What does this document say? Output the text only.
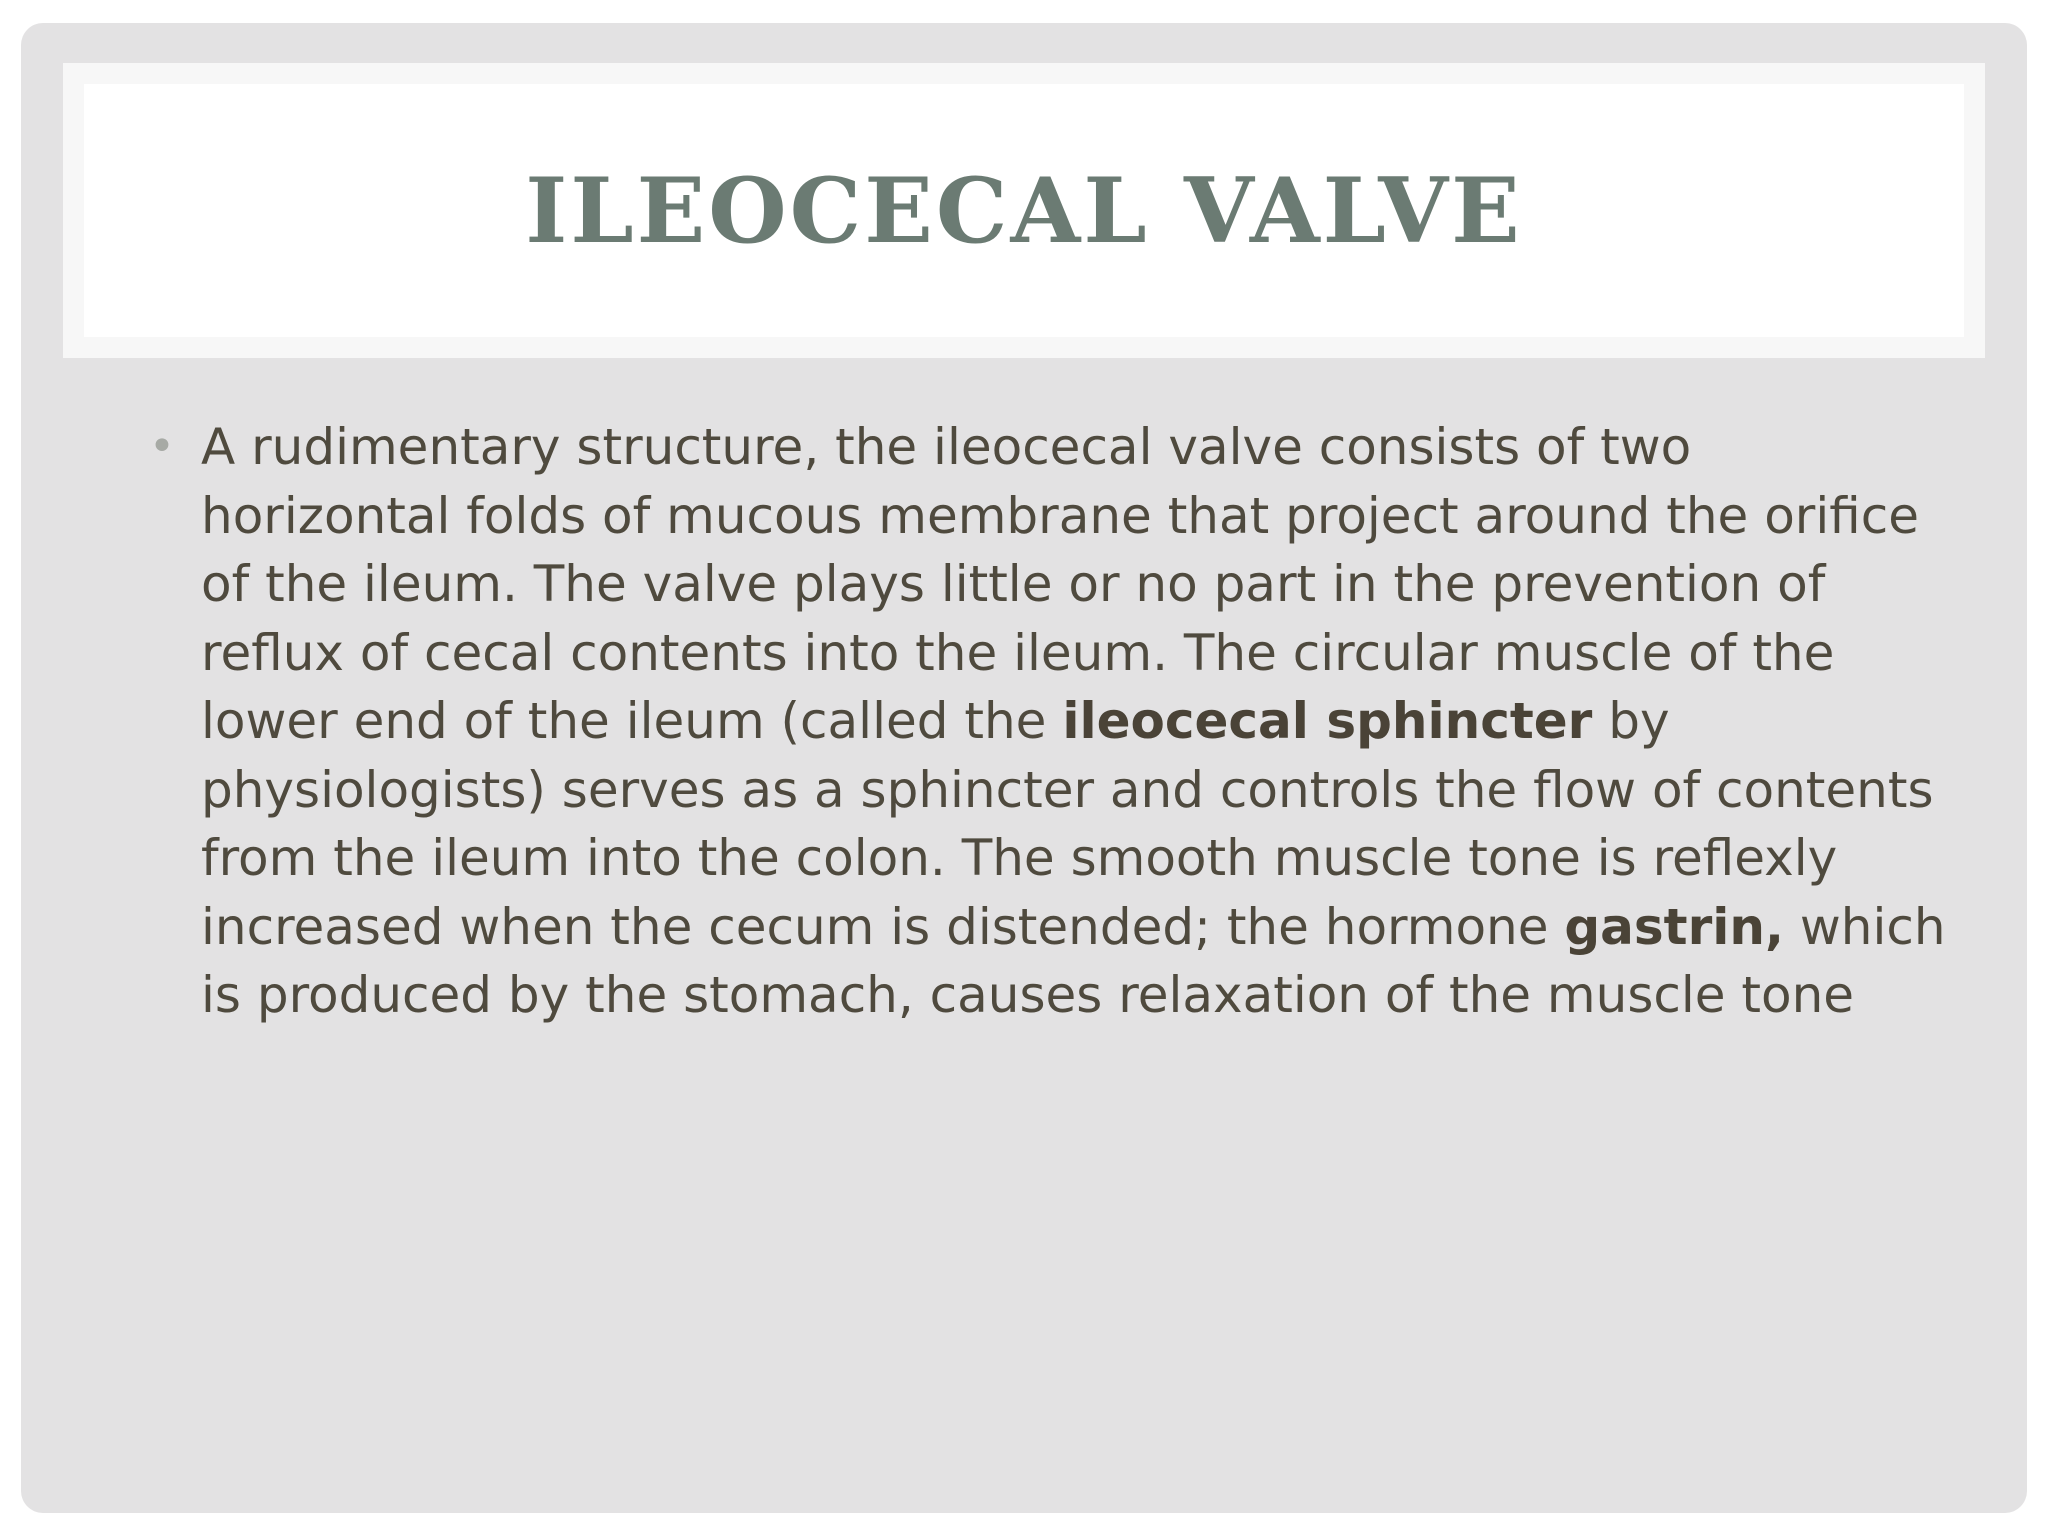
ILEOCECAL VALVE
• A rudimentary structure, the ileocecal valve consists of two horizontal folds of mucous membrane that project around the orifice of the ileum. The valve plays little or no part in the prevention of reflux of cecal contents into the ileum. The circular muscle of the lower end of the ileum (called the ileocecal sphincter by physiologists) serves as a sphincter and controls the flow of contents from the ileum into the colon. The smooth muscle tone is reflexly increased when the cecum is distended; the hormone gastrin, which is produced by the stomach, causes relaxation of the muscle tone
